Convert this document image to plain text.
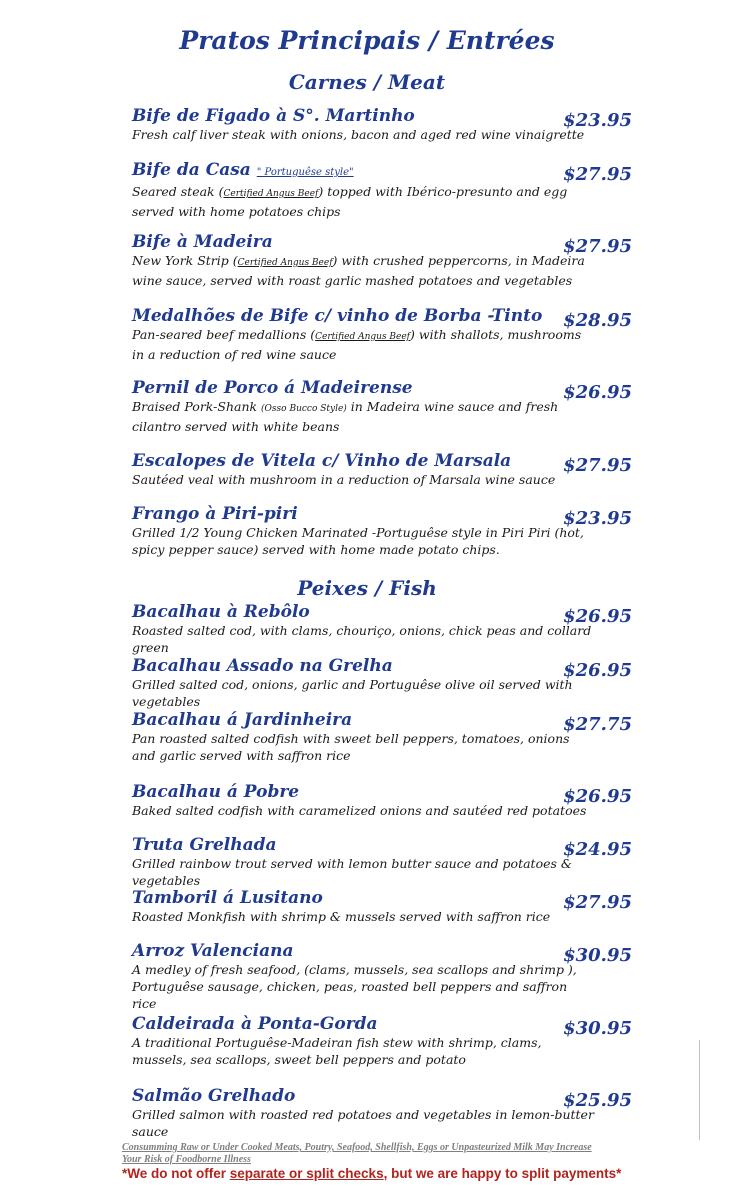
Pratos Principais / Entrées
Carnes / Meat
Bife de Figado à S°. Martinho	$23.95
Fresh calf liver steak with onions, bacon and aged red wine vinaigrette
Bife da Casa " Portuguêse style"	$27.95
Seared steak (Certified Angus Beef) topped with Ibérico-presunto and egg served with home potatoes chips
Bife à Madeira	$27.95
New York Strip (Certified Angus Beef) with crushed peppercorns, in Madeira wine sauce, served with roast garlic mashed potatoes and vegetables
Medalhões de Bife c/ vinho de Borba -Tinto	$28.95
Pan-seared beef medallions (Certified Angus Beef) with shallots, mushrooms in a reduction of red wine sauce
Pernil de Porco á Madeirense	$26.95
Braised Pork-Shank (Osso Bucco Style) in Madeira wine sauce and fresh cilantro served with white beans
Escalopes de Vitela c/ Vinho de Marsala	$27.95
Sautéed veal with mushroom in a reduction of Marsala wine sauce
Frango à Piri-piri	$23.95
Grilled 1/2 Young Chicken Marinated -Portuguêse style in Piri Piri (hot, spicy pepper sauce) served with home made potato chips.
Peixes / Fish
Bacalhau à Rebôlo	$26.95
Roasted salted cod, with clams, chouriço, onions, chick peas and collard green
Bacalhau Assado na Grelha	$26.95
Grilled salted cod, onions, garlic and Portuguêse olive oil served with vegetables
Bacalhau á Jardinheira	$27.75
Pan roasted salted codfish with sweet bell peppers, tomatoes, onions and garlic served with saffron rice
Bacalhau á Pobre	$26.95
Baked salted codfish with caramelized onions and sautéed red potatoes
Truta Grelhada	$24.95
Grilled rainbow trout served with lemon butter sauce and potatoes & vegetables
Tamboril á Lusitano	$27.95
Roasted Monkfish with shrimp & mussels served with saffron rice
Arroz Valenciana	$30.95
A medley of fresh seafood, (clams, mussels, sea scallops and shrimp ), Portuguêse sausage, chicken, peas, roasted bell peppers and saffron rice
Caldeirada à Ponta-Gorda	$30.95
A traditional Portuguêse-Madeiran fish stew with shrimp, clams, mussels, sea scallops, sweet bell peppers and potato
Salmão Grelhado	$25.95
Grilled salmon with roasted red potatoes and vegetables in lemon-butter sauce
Consumming Raw or Under Cooked Meats, Poutry, Seafood, Shellfish, Eggs or Unpasteurized Milk May Increase Your Risk of Foodborne Illness
*We do not offer separate or split checks, but we are happy to split payments*
